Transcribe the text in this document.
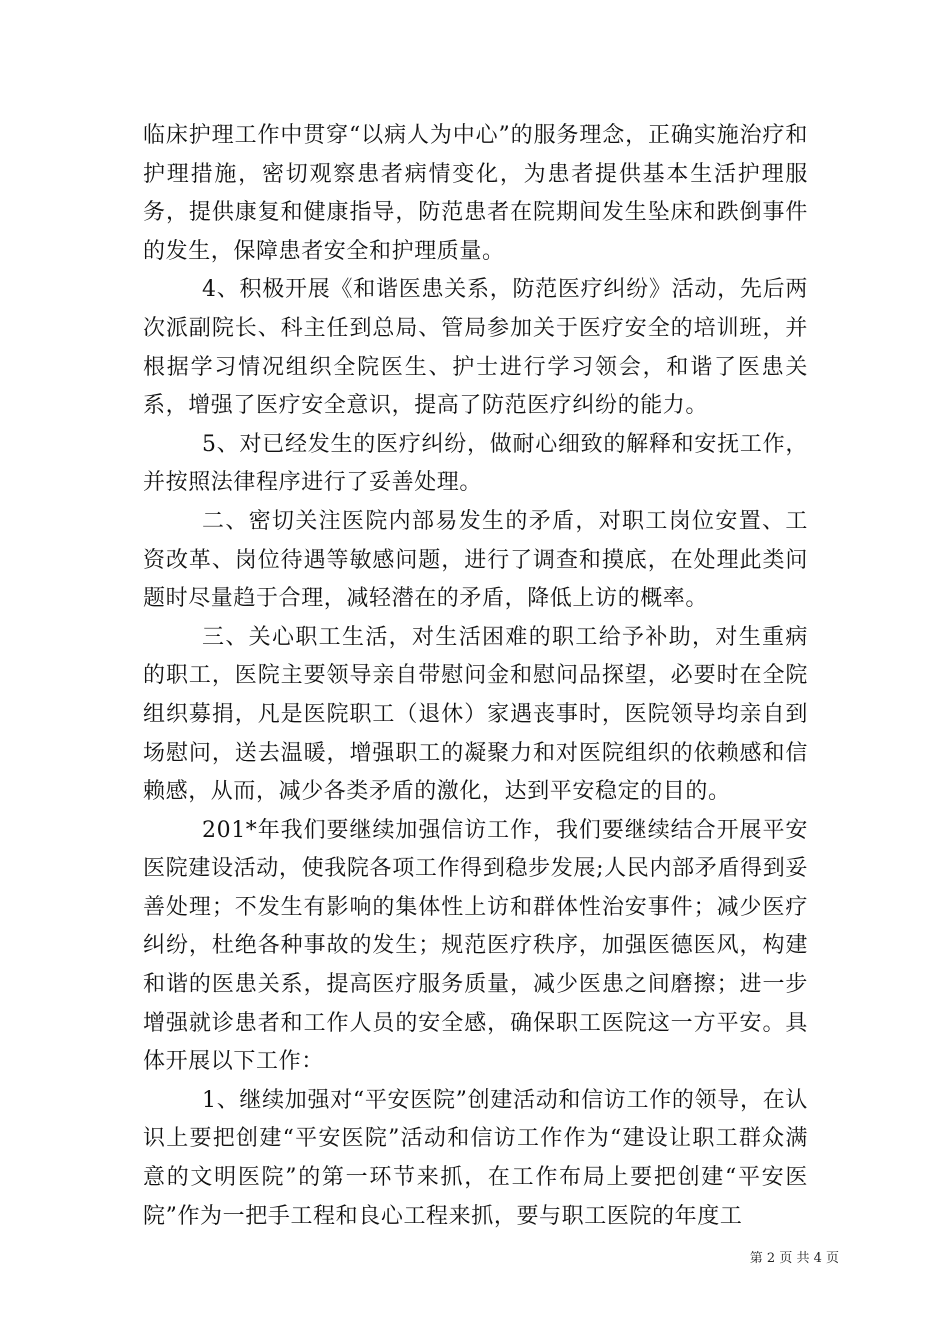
临床护理工作中贯穿“以病人为中心”的服务理念，正确实施治疗和护理措施，密切观察患者病情变化，为患者提供基本生活护理服务，提供康复和健康指导，防范患者在院期间发生坠床和跌倒事件的发生，保障患者安全和护理质量。

4、积极开展《和谐医患关系，防范医疗纠纷》活动，先后两次派副院长、科主任到总局、管局参加关于医疗安全的培训班，并根据学习情况组织全院医生、护士进行学习领会，和谐了医患关系，增强了医疗安全意识，提高了防范医疗纠纷的能力。

5、对已经发生的医疗纠纷，做耐心细致的解释和安抚工作，并按照法律程序进行了妥善处理。

二、密切关注医院内部易发生的矛盾，对职工岗位安置、工资改革、岗位待遇等敏感问题，进行了调查和摸底，在处理此类问题时尽量趋于合理，减轻潜在的矛盾，降低上访的概率。

三、关心职工生活，对生活困难的职工给予补助，对生重病的职工，医院主要领导亲自带慰问金和慰问品探望，必要时在全院组织募捐，凡是医院职工（退休）家遇丧事时，医院领导均亲自到场慰问，送去温暖，增强职工的凝聚力和对医院组织的依赖感和信赖感，从而，减少各类矛盾的激化，达到平安稳定的目的。

201*年我们要继续加强信访工作，我们要继续结合开展平安医院建设活动，使我院各项工作得到稳步发展;人民内部矛盾得到妥善处理；不发生有影响的集体性上访和群体性治安事件；减少医疗纠纷，杜绝各种事故的发生；规范医疗秩序，加强医德医风，构建和谐的医患关系，提高医疗服务质量，减少医患之间磨擦；进一步增强就诊患者和工作人员的安全感，确保职工医院这一方平安。具体开展以下工作：

1、继续加强对“平安医院”创建活动和信访工作的领导，在认识上要把创建“平安医院”活动和信访工作作为“建设让职工群众满意的文明医院”的第一环节来抓，在工作布局上要把创建“平安医院”作为一把手工程和良心工程来抓，要与职工医院的年度工

第 2 页 共 4 页
